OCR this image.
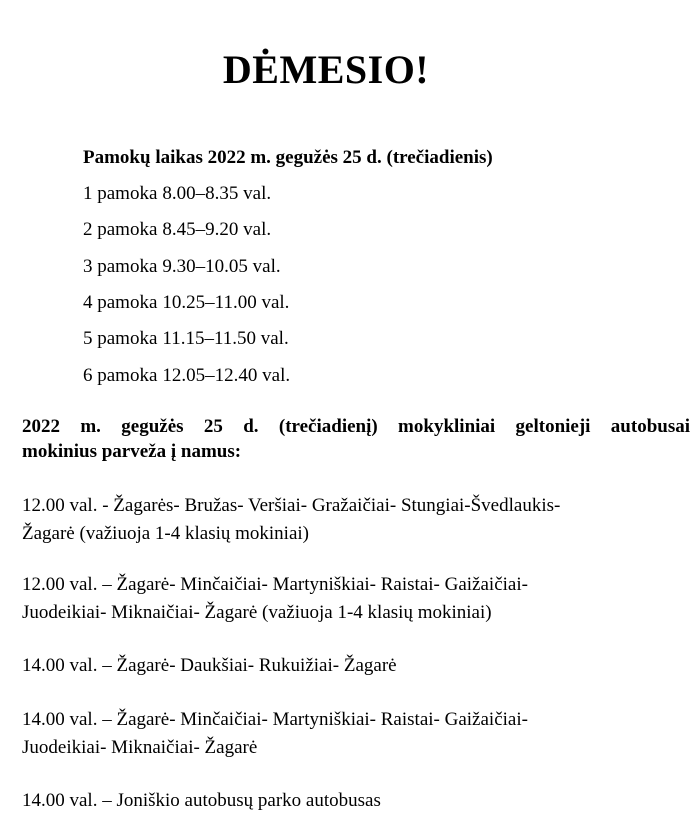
DĖMESIO!
Pamokų laikas 2022 m. gegužės 25 d. (trečiadienis)
1 pamoka 8.00–8.35 val.
2 pamoka 8.45–9.20 val.
3 pamoka 9.30–10.05 val.
4 pamoka 10.25–11.00 val.
5 pamoka 11.15–11.50 val.
6 pamoka 12.05–12.40 val.
2022 m. gegužės 25 d. (trečiadienį) mokykliniai geltonieji autobusai
mokinius parveža į namus:
12.00 val. - Žagarės- Bružas- Veršiai- Gražaičiai- Stungiai-Švedlaukis-
Žagarė (važiuoja 1-4 klasių mokiniai)
12.00 val. – Žagarė- Minčaičiai- Martyniškiai- Raistai- Gaižaičiai-
Juodeikiai- Miknaičiai- Žagarė (važiuoja 1-4 klasių mokiniai)
14.00 val. – Žagarė- Daukšiai- Rukuižiai- Žagarė
14.00 val. – Žagarė- Minčaičiai- Martyniškiai- Raistai- Gaižaičiai-
Juodeikiai- Miknaičiai- Žagarė
14.00 val. – Joniškio autobusų parko autobusas
